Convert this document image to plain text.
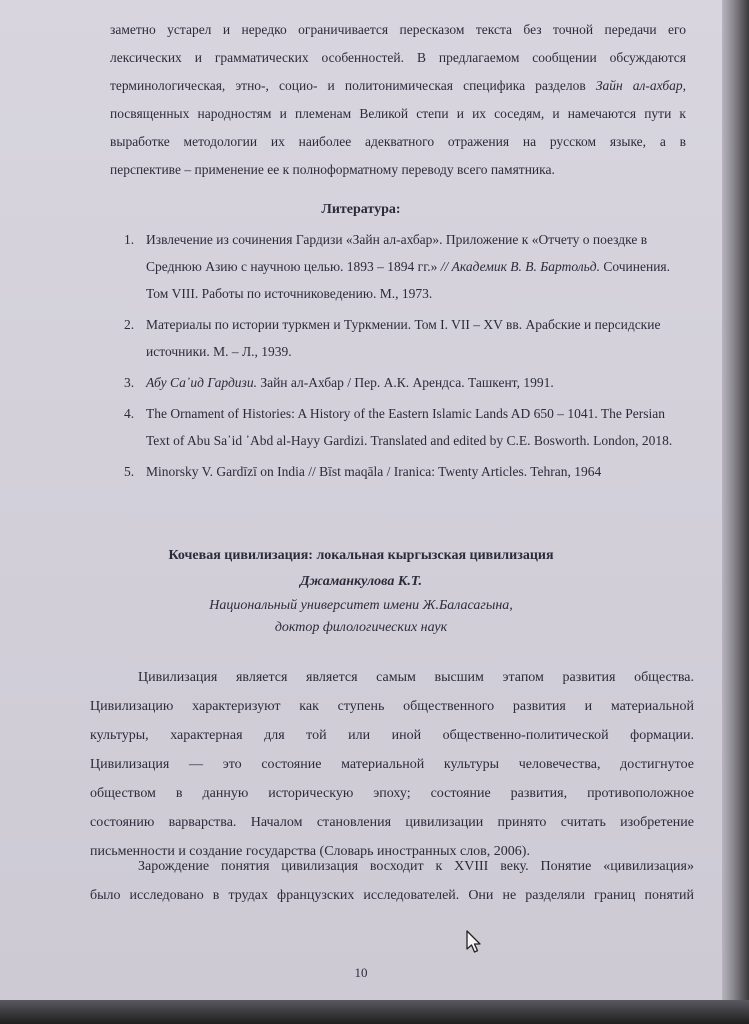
заметно устарел и нередко ограничивается пересказом текста без точной передачи его
лексических и грамматических особенностей. В предлагаемом сообщении обсуждаются
терминологическая, этно-, социо- и политонимическая специфика разделов Зайн ал-ахбар,
посвященных народностям и племенам Великой степи и их соседям, и намечаются пути к
выработке методологии их наиболее адекватного отражения на русском языке, а в
перспективе – применение ее к полноформатному переводу всего памятника.
Литература:
1. Извлечение из сочинения Гардизи «Зайн ал-ахбар». Приложение к «Отчету о поездке в Среднюю Азию с научною целью. 1893 – 1894 гг.» // Академик В. В. Бартольд. Сочинения. Том VIII. Работы по источниковедению. М., 1973.
2. Материалы по истории туркмен и Туркмении. Том I. VII – XV вв. Арабские и персидские источники. М. – Л., 1939.
3. Абу Са᾿ид Гардизи. Зайн ал-Ахбар / Пер. А.К. Арендса. Ташкент, 1991.
4. The Ornament of Histories: A History of the Eastern Islamic Lands AD 650 – 1041. The Persian Text of Abu Sa᾿id ᾿Abd al-Hayy Gardizi. Translated and edited by C.E. Bosworth. London, 2018.
5. Minorsky V. Gardīzī on India // Bīst maqāla / Iranica: Twenty Articles. Tehran, 1964
Кочевая цивилизация: локальная кыргызская цивилизация
Джаманкулова К.Т.
Национальный университет имени Ж.Баласагына,
доктор филологических наук
Цивилизация является является самым высшим этапом развития общества.
Цивилизацию характеризуют как ступень общественного развития и материальной
культуры, характерная для той или иной общественно-политической формации.
Цивилизация — это состояние материальной культуры человечества, достигнутое
обществом в данную историческую эпоху; состояние развития, противоположное
состоянию варварства. Началом становления цивилизации принято считать изобретение
письменности и создание государства (Словарь иностранных слов, 2006).
Зарождение понятия цивилизация восходит к XVIII веку. Понятие «цивилизация»
было исследовано в трудах французских исследователей. Они не разделяли границ понятий
10
